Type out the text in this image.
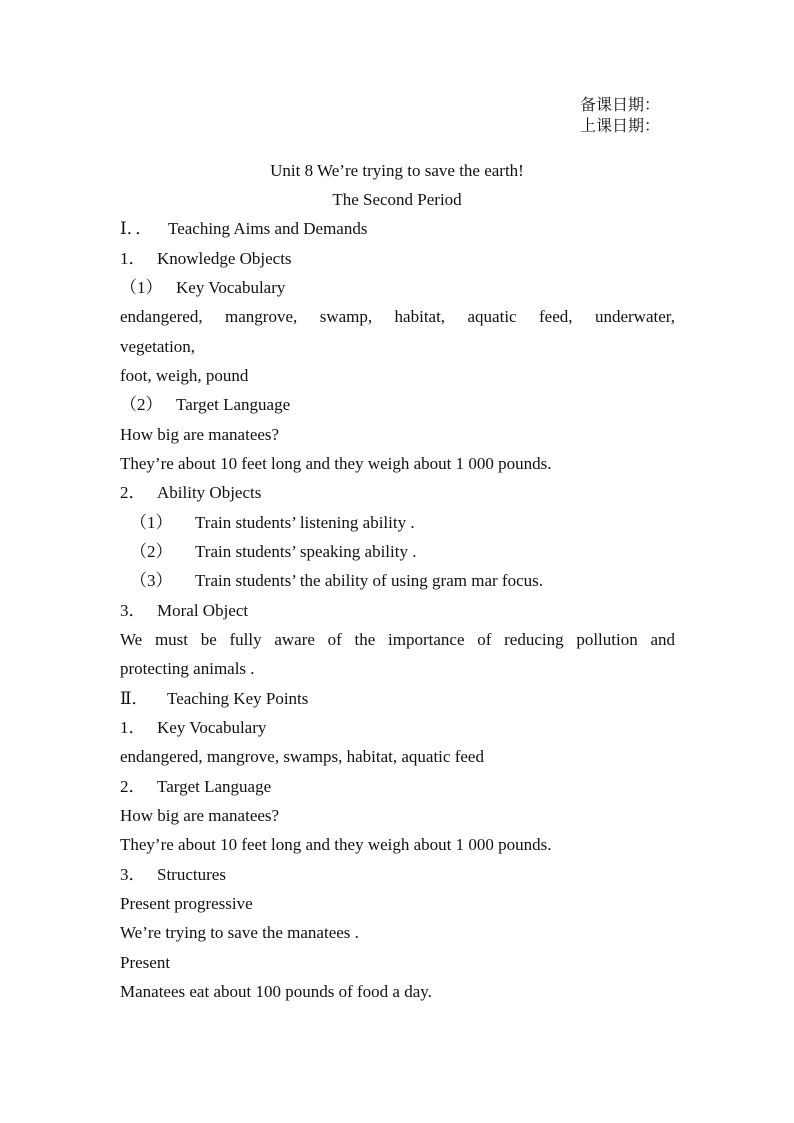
备课日期：
上课日期：
Unit 8 We’re trying to save the earth!
The Second Period
Ⅰ．． Teaching Aims and Demands
1． Knowledge Objects
（1） Key Vocabulary
endangered, mangrove, swamp, habitat, aquatic feed, underwater,
vegetation,
foot, weigh, pound
（2） Target Language
How big are manatees?
They’re about 10 feet long and they weigh about 1 000 pounds.
2． Ability Objects
（1） Train students’ listening ability .
（2） Train students’ speaking ability .
（3） Train students’ the ability of using gram mar focus.
3． Moral Object
We must be fully aware of the importance of reducing pollution and
protecting animals .
Ⅱ． Teaching Key Points
1． Key Vocabulary
endangered, mangrove, swamps, habitat, aquatic feed
2． Target Language
How big are manatees?
They’re about 10 feet long and they weigh about 1 000 pounds.
3． Structures
Present progressive
We’re trying to save the manatees .
Present
Manatees eat about 100 pounds of food a day.
